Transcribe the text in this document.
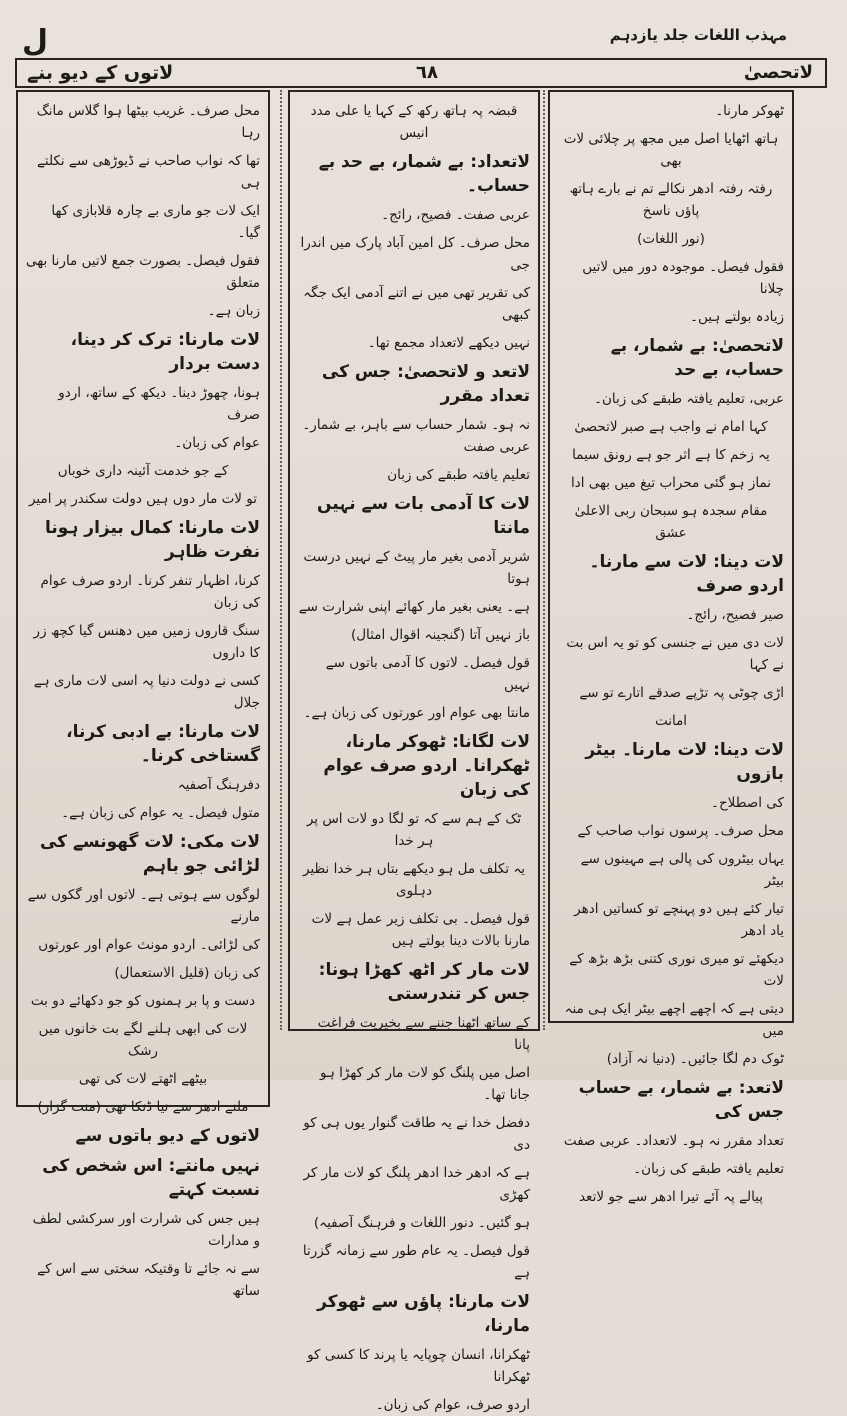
ل	مہذب اللغات جلد یازدہم
لاتوں کے دیو بنے	٦٨	لاتحصیٰ

ٹھوکر مارنا۔

ہاتھ اٹھایا اصل میں مجھ پر چلائی لات بھی

رفتہ رفتہ ادھر نکالے تم نے بارے ہاتھ پاؤں ناسخ

(نور اللغات)

فقول فیصل۔ موجودہ دور میں لاتیں چلانا

زیادہ بولتے ہیں۔

لاتحصیٰ: بے شمار، بے حساب، بے حد

عربی، تعلیم یافتہ طبقے کی زبان۔

کہا امام نے واجب ہے صبر لاتحصیٰ

یہ زخم کا ہے اثر جو ہے رونق سیما

نماز ہو گئی محراب تیغ میں بھی ادا

مقام سجدہ ہو سبحان ربی الاعلیٰ عشق

لات دینا: لات سے مارنا۔ اردو صرف

صیر فصیح، رائج۔

لات دی میں نے جنسی کو تو یہ اس بت نے کہا

اڑی چوٹی پہ تڑپے صدقے اتارے تو سے

امانت

لات دینا: لات مارنا۔ بیٹر بازوں

کی اصطلاح۔

محل صرف۔ پرسوں نواب صاحب کے

یہاں بیٹروں کی پالی ہے مہینوں سے بیٹر

تیار کئے ہیں دو پہنچے تو کساتیں ادھر یاد ادھر

دیکھئے تو میری نوری کتنی بڑھ بڑھ کے لات

دیتی ہے کہ اچھے اچھے بیٹر ایک ہی منہ میں

ٹوک دم لگا جائیں۔ (دنیا نہ آزاد)

لاتعد: بے شمار، بے حساب جس کی

تعداد مقرر نہ ہو۔ لاتعداد۔ عربی صفت

تعلیم یافتہ طبقے کی زبان۔

پیالے پہ آئے تیرا ادھر سے جو لاتعد

قبضہ پہ ہاتھ رکھ کے کہا یا علی مدد انیس

لاتعداد: بے شمار، بے حد بے حساب۔

عربی صفت۔ فصیح، رائج۔

محل صرف۔ کل امین آباد پارک میں اندرا جی

کی تقریر تھی میں نے اتنے آدمی ایک جگہ کبھی

نہیں دیکھے لاتعداد مجمع تھا۔

لاتعد و لاتحصیٰ: جس کی تعداد مقرر

نہ ہو۔ شمار حساب سے باہر، بے شمار۔ عربی صفت

تعلیم یافتہ طبقے کی زبان

لات کا آدمی بات سے نہیں مانتا

شریر آدمی بغیر مار پیٹ کے نہیں درست ہوتا

ہے۔ یعنی بغیر مار کھائے اپنی شرارت سے

باز نہیں آتا (گنجینہ اقوال امثال)

قول فیصل۔ لاتوں کا آدمی باتوں سے نہیں

مانتا بھی عوام اور عورتوں کی زبان ہے۔

لات لگانا: ٹھوکر مارنا، ٹھکرانا۔ اردو صرف عوام کی زبان

ٹک کے ہم سے کہ تو لگا دو لات اس پر ہر خدا

یہ تکلف مل ہو دیکھے بتاں ہر خدا نظیر دہلوی

قول فیصل۔ بی تکلف زیر عمل ہے لات مارنا بالات دینا بولتے ہیں

لات مار کر اٹھ کھڑا ہونا: جس کر تندرستی

کے ساتھ اٹھنا جننے سے بخیریت فراغت پانا

اصل میں پلنگ کو لات مار کر کھڑا ہو جانا تھا۔

دفضل خدا نے یہ طاقت گنوار یوں ہی کو دی

ہے کہ ادھر خدا ادھر پلنگ کو لات مار کر کھڑی

ہو گئیں۔ دنور اللغات و فرہنگ آصفیہ)

قول فیصل۔ یہ عام طور سے زمانہ گزرتا ہے

لات مارنا: پاؤں سے ٹھوکر مارنا،

ٹھکرانا، انسان چوپایہ یا پرند کا کسی کو ٹھکرانا

اردو صرف، عوام کی زبان۔

محل صرف۔ غریب بیٹھا ہوا گلاس مانگ رہا

تھا کہ نواب صاحب نے ڈیوڑھی سے نکلتے ہی

ایک لات جو ماری بے چارہ قلابازی کھا گیا۔

فقول فیصل۔ بصورت جمع لاتیں مارنا بھی متعلق

زبان ہے۔

لات مارنا: ترک کر دینا، دست بردار

ہونا، چھوڑ دینا۔ دیکھ کے ساتھ، اردو صرف

عوام کی زبان۔

کے جو خدمت آئینہ داری خوباں

تو لات مار دوں ہیں دولت سکندر پر امیر

لات مارنا: کمال بیزار ہونا نفرت ظاہر

کرنا، اظہار تنفر کرنا۔ اردو صرف عوام کی زبان

سنگ قاروں زمیں میں دھنس گیا کچھ زر کا داروں

کسی نے دولت دنیا پہ اسی لات ماری ہے جلال

لات مارنا: بے ادبی کرنا، گستاخی کرنا۔

دفرہنگ آصفیہ

متول فیصل۔ یہ عوام کی زبان ہے۔

لات مکی: لات گھونسے کی لڑائی جو باہم

لوگوں سے ہوتی ہے۔ لاتوں اور گکوں سے مارنے

کی لڑائی۔ اردو مونث عوام اور عورتوں

کی زبان (قلیل الاستعمال)

دست و پا بر ہمنوں کو جو دکھائے دو بت

لات کی ابھی ہلنے لگے بت خانوں میں رشک

بیٹھے اٹھتے لات کی تھی

ملنے ادھر سے نیا ڈنکا تھی (منت گزار)

لاتوں کے دیو باتوں سے

نہیں مانتے: اس شخص کی نسبت کہتے

ہیں جس کی شرارت اور سرکشی لطف و مدارات

سے نہ جائے تا وقتیکہ سختی سے اس کے ساتھ
